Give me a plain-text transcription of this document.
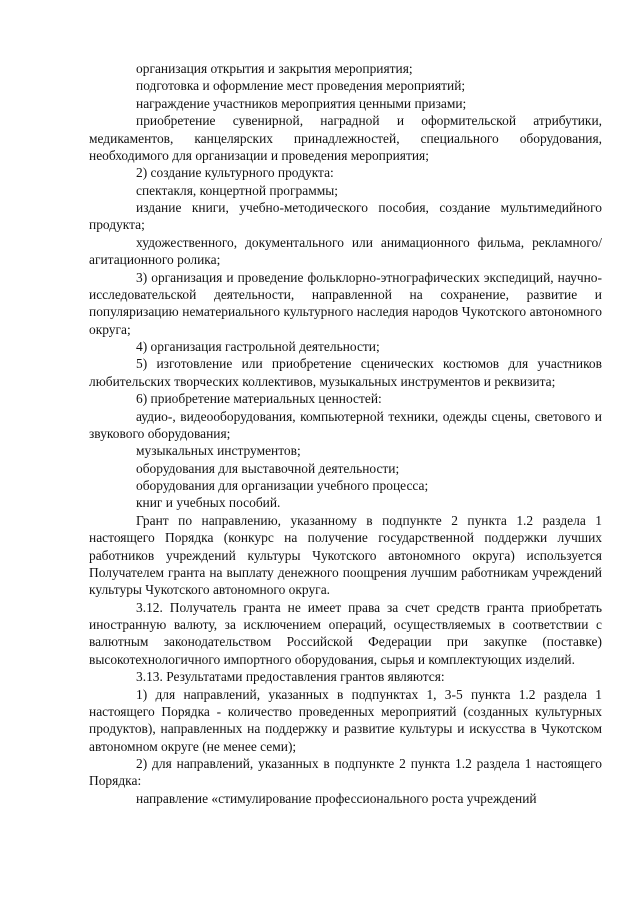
организация открытия и закрытия мероприятия;

подготовка и оформление мест проведения мероприятий;

награждение участников мероприятия ценными призами;

приобретение сувенирной, наградной и оформительской атрибутики, медикаментов, канцелярских принадлежностей, специального оборудования, необходимого для организации и проведения мероприятия;

2) создание культурного продукта:

спектакля, концертной программы;

издание книги, учебно-методического пособия, создание мультимедийного продукта;

художественного, документального или анимационного фильма, рекламного/агитационного ролика;

3) организация и проведение фольклорно-этнографических экспедиций, научно-исследовательской деятельности, направленной на сохранение, развитие и популяризацию нематериального культурного наследия народов Чукотского автономного округа;

4) организация гастрольной деятельности;

5) изготовление или приобретение сценических костюмов для участников любительских творческих коллективов, музыкальных инструментов и реквизита;

6) приобретение материальных ценностей:

аудио-, видеооборудования, компьютерной техники, одежды сцены, светового и звукового оборудования;

музыкальных инструментов;

оборудования для выставочной деятельности;

оборудования для организации учебного процесса;

книг и учебных пособий.

Грант по направлению, указанному в подпункте 2 пункта 1.2 раздела 1 настоящего Порядка (конкурс на получение государственной поддержки лучших работников учреждений культуры Чукотского автономного округа) используется Получателем гранта на выплату денежного поощрения лучшим работникам учреждений культуры Чукотского автономного округа.

3.12. Получатель гранта не имеет права за счет средств гранта приобретать иностранную валюту, за исключением операций, осуществляемых в соответствии с валютным законодательством Российской Федерации при закупке (поставке) высокотехнологичного импортного оборудования, сырья и комплектующих изделий.

3.13. Результатами предоставления грантов являются:

1) для направлений, указанных в подпунктах 1, 3-5 пункта 1.2 раздела 1 настоящего Порядка - количество проведенных мероприятий (созданных культурных продуктов), направленных на поддержку и развитие культуры и искусства в Чукотском автономном округе (не менее семи);

2) для направлений, указанных в подпункте 2 пункта 1.2 раздела 1 настоящего Порядка:

направление «стимулирование профессионального роста учреждений
